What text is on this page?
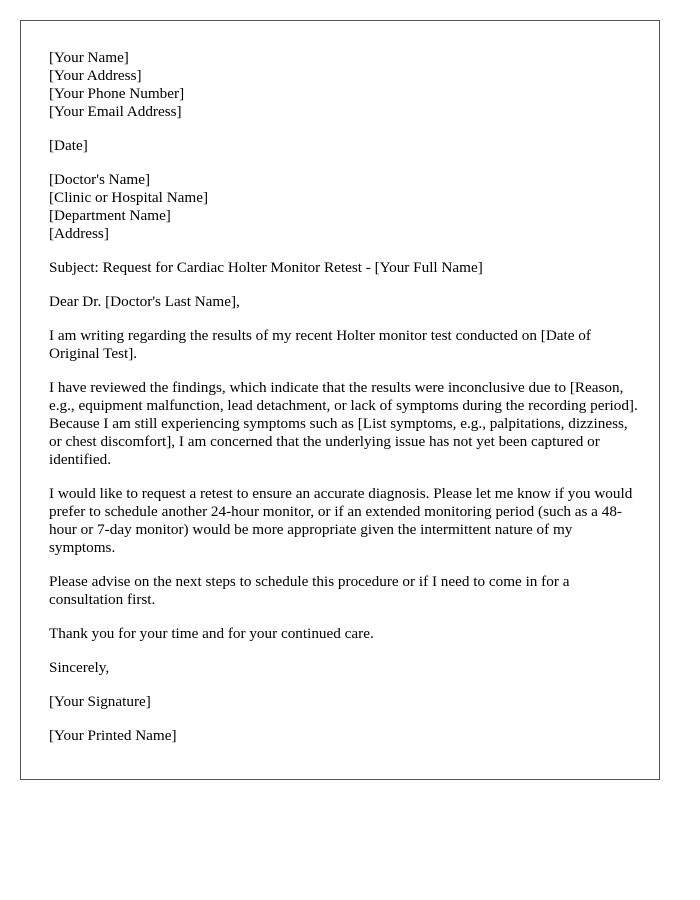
[Your Name]
[Your Address]
[Your Phone Number]
[Your Email Address]
[Date]
[Doctor's Name]
[Clinic or Hospital Name]
[Department Name]
[Address]

Subject: Request for Cardiac Holter Monitor Retest - [Your Full Name]

Dear Dr. [Doctor's Last Name],

I am writing regarding the results of my recent Holter monitor test conducted on [Date of Original Test].

I have reviewed the findings, which indicate that the results were inconclusive due to [Reason, e.g., equipment malfunction, lead detachment, or lack of symptoms during the recording period]. Because I am still experiencing symptoms such as [List symptoms, e.g., palpitations, dizziness, or chest discomfort], I am concerned that the underlying issue has not yet been captured or identified.

I would like to request a retest to ensure an accurate diagnosis. Please let me know if you would prefer to schedule another 24-hour monitor, or if an extended monitoring period (such as a 48-hour or 7-day monitor) would be more appropriate given the intermittent nature of my symptoms.

Please advise on the next steps to schedule this procedure or if I need to come in for a consultation first.

Thank you for your time and for your continued care.

Sincerely,

[Your Signature]

[Your Printed Name]
